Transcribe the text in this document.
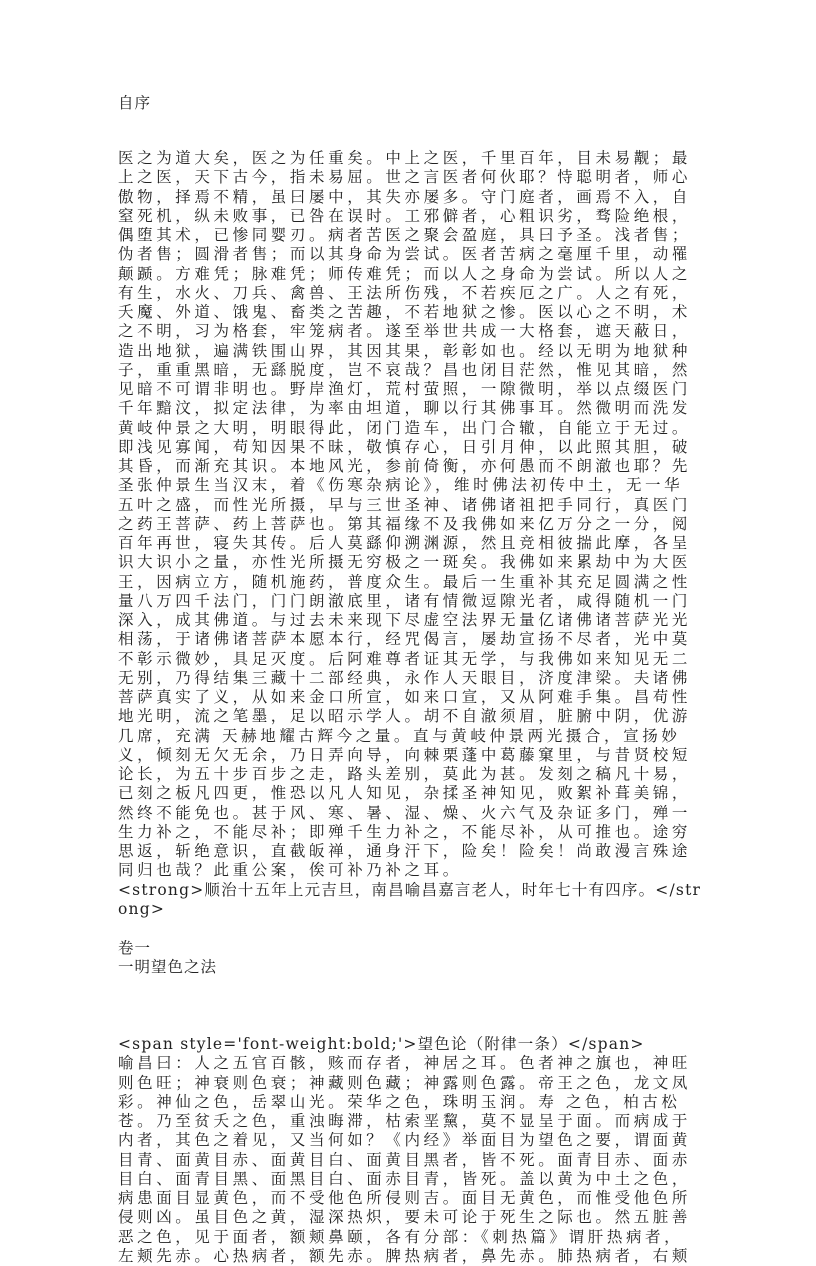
自序

医之为道大矣，医之为任重矣。中上之医，千里百年，目未易觏；最上之医，天下古今，指未易屈。世之言医者何伙耶？恃聪明者，师心傲物，择焉不精，虽曰屡中，其失亦屡多。守门庭者，画焉不入，自窒死机，纵未败事，已咎在误时。工邪僻者，心粗识劣，骛险绝根，偶堕其术，已惨同婴刃。病者苦医之聚会盈庭，具曰予圣。浅者售；伪者售；圆滑者售；而以其身命为尝试。医者苦病之毫厘千里，动罹颠踬。方难凭；脉难凭；师传难凭；而以人之身命为尝试。所以人之有生，水火、刀兵、禽兽、王法所伤残，不若疾厄之广。人之有死，夭魔、外道、饿鬼、畜类之苦趣，不若地狱之惨。医以心之不明，术之不明，习为格套，牢笼病者。遂至举世共成一大格套，遮天蔽日，造出地狱，遍满铁围山界，其因其果，彰彰如也。经以无明为地狱种子，重重黑暗，无繇脱度，岂不哀哉？昌也闭目茫然，惟见其暗，然见暗不可谓非明也。野岸渔灯，荒村萤照，一隙微明，举以点缀医门千年黯汶，拟定法律，为率由坦道，聊以行其佛事耳。然微明而洗发黄岐仲景之大明，明眼得此，闭门造车，出门合辙，自能立于无过。即浅见寡闻，苟知因果不昧，敬慎存心，日引月伸，以此照其胆，破其昏，而渐充其识。本地风光，参前倚衡，亦何愚而不朗澈也耶？先圣张仲景生当汉末，着《伤寒杂病论》，维时佛法初传中土，无一华五叶之盛，而性光所摄，早与三世圣神、诸佛诸祖把手同行，真医门之药王菩萨、药上菩萨也。第其福缘不及我佛如来亿万分之一分，阅百年再世，寝失其传。后人莫繇仰溯渊源，然且竞相彼揣此摩，各呈识大识小之量，亦性光所摄无穷极之一斑矣。我佛如来累劫中为大医王，因病立方，随机施药，普度众生。最后一生重补其充足圆满之性量八万四千法门，门门朗澈底里，诸有情微逗隙光者，咸得随机一门深入，成其佛道。与过去未来现下尽虚空法界无量亿诸佛诸菩萨光光相荡，于诸佛诸菩萨本愿本行，经咒偈言，屡劫宣扬不尽者，光中莫不彰示微妙，具足灭度。后阿难尊者证其无学，与我佛如来知见无二无别，乃得结集三藏十二部经典，永作人天眼目，济度津梁。夫诸佛菩萨真实了义，从如来金口所宣，如来口宣，又从阿难手集。昌苟性地光明，流之笔墨，足以昭示学人。胡不自澈须眉，脏腑中阴，优游几席，充满 天赫地耀古辉今之量。直与黄岐仲景两光摄合，宣扬妙义，倾刻无欠无余，乃日弄向导，向棘栗蓬中葛藤窠里，与昔贤校短论长，为五十步百步之走，路头差别，莫此为甚。发刻之稿凡十易，已刻之板凡四更，惟恐以凡人知见，杂揉圣神知见，败絮补葺美锦，然终不能免也。甚于风、寒、暑、湿、燥、火六气及杂证多门，殚一生力补之，不能尽补；即殚千生力补之，不能尽补，从可推也。途穷思返，斩绝意识，直截皈禅，通身汗下，险矣！险矣！尚敢漫言殊途同归也哉？此重公案，俟可补乃补之耳。

<strong>顺治十五年上元吉旦，南昌喻昌嘉言老人，时年七十有四序。</strong>

卷一

一明望色之法

<span style='font-weight:bold;'>望色论（附律一条）</span>

喻昌曰：人之五官百骸，赅而存者，神居之耳。色者神之旗也，神旺则色旺；神衰则色衰；神藏则色藏；神露则色露。帝王之色，龙文凤彩。神仙之色，岳翠山光。荣华之色，珠明玉润。寿 之色，柏古松苍。乃至贫夭之色，重浊晦滞，枯索垩黧，莫不显呈于面。而病成于内者，其色之着见，又当何如？《内经》举面目为望色之要，谓面黄目青、面黄目赤、面黄目白、面黄目黑者，皆不死。面青目赤、面赤目白、面青目黑、面黑目白、面赤目青，皆死。盖以黄为中土之色，病患面目显黄色，而不受他色所侵则吉。面目无黄色，而惟受他色所侵则凶。虽目色之黄，湿深热炽，要未可论于死生之际也。然五脏善恶之色，见于面者，额颊鼻颐，各有分部：《刺热篇》谓肝热病者，左颊先赤。心热病者，额先赤。脾热病者，鼻先赤。肺热病者，右颊
